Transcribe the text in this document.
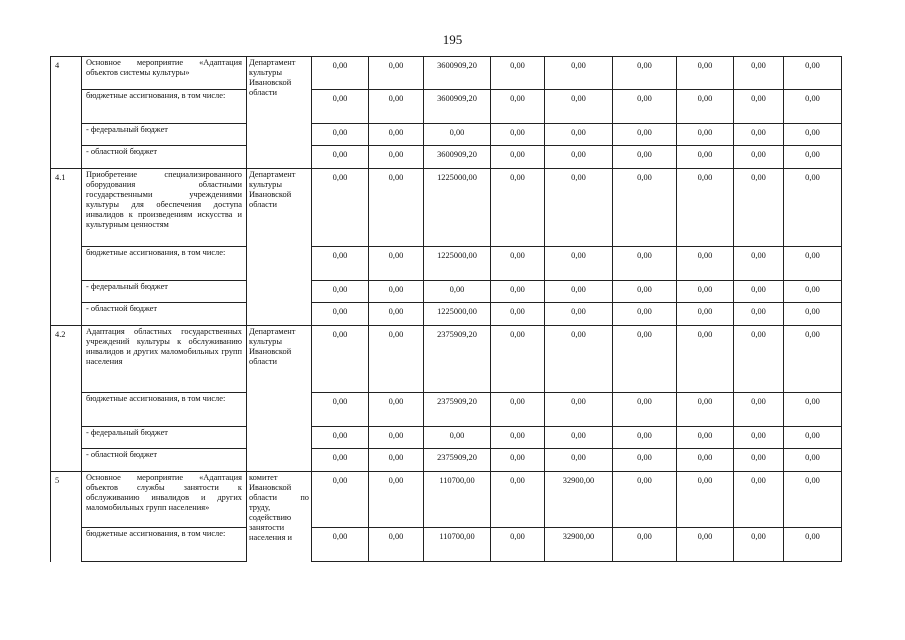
195
4	Основное мероприятие «Адаптация объектов системы культуры»	Департамент культуры Ивановской области	0,00	0,00	3600909,20	0,00	0,00	0,00	0,00	0,00	0,00
	бюджетные ассигнования, в том числе:		0,00	0,00	3600909,20	0,00	0,00	0,00	0,00	0,00	0,00
	- федеральный бюджет		0,00	0,00	0,00	0,00	0,00	0,00	0,00	0,00	0,00
	- областной бюджет		0,00	0,00	3600909,20	0,00	0,00	0,00	0,00	0,00	0,00
4.1	Приобретение специализированного оборудования областными государственными учреждениями культуры для обеспечения доступа инвалидов к произведениям искусства и культурным ценностям	Департамент культуры Ивановской области	0,00	0,00	1225000,00	0,00	0,00	0,00	0,00	0,00	0,00
	бюджетные ассигнования, в том числе:		0,00	0,00	1225000,00	0,00	0,00	0,00	0,00	0,00	0,00
	- федеральный бюджет		0,00	0,00	0,00	0,00	0,00	0,00	0,00	0,00	0,00
	- областной бюджет		0,00	0,00	1225000,00	0,00	0,00	0,00	0,00	0,00	0,00
4.2	Адаптация областных государственных учреждений культуры к обслуживанию инвалидов и других маломобильных групп населения	Департамент культуры Ивановской области	0,00	0,00	2375909,20	0,00	0,00	0,00	0,00	0,00	0,00
	бюджетные ассигнования, в том числе:		0,00	0,00	2375909,20	0,00	0,00	0,00	0,00	0,00	0,00
	- федеральный бюджет		0,00	0,00	0,00	0,00	0,00	0,00	0,00	0,00	0,00
	- областной бюджет		0,00	0,00	2375909,20	0,00	0,00	0,00	0,00	0,00	0,00
5	Основное мероприятие «Адаптация объектов службы занятости к обслуживанию инвалидов и других маломобильных групп населения»	комитет Ивановской области по труду, содействию занятости населения и	0,00	0,00	110700,00	0,00	32900,00	0,00	0,00	0,00	0,00
	бюджетные ассигнования, в том числе:		0,00	0,00	110700,00	0,00	32900,00	0,00	0,00	0,00	0,00
